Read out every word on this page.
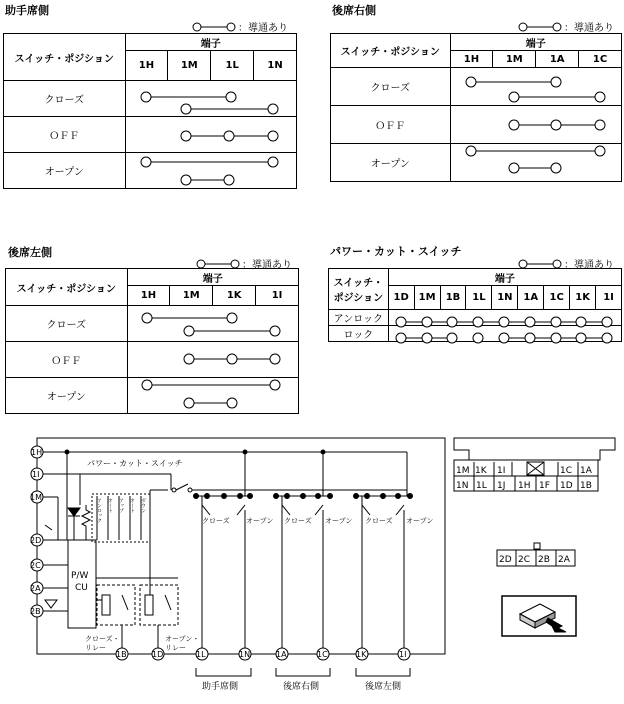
助手席側
：導通あり
後席右側
：導通あり
後席左側
：導通あり
パワー・カット・スイッチ
：導通あり
スイッチ・ポジション	端子			
	1H	1M	1L	1N
クローズ				
ＯＦＦ				
オープン				
スイッチ・ポジション	端子			
	1H	1M	1A	1C
クローズ				
ＯＦＦ				
オープン				
スイッチ・ポジション	端子			
	1H	1M	1K	1I
クローズ				
ＯＦＦ				
オープン				
スイッチ・
ポジション	端子								
	1D	1M	1B	1L	1N	1A	1C	1K	1I
アンロック									
ロック									
1H
1I
1M
2D
2C
2A
2B
1B	1D	1L	1N	1A	1C	1K	1I
パワー・カット・スイッチ
クローズ オープン クローズ オープン クローズ オープン
助手席側	後席右側	後席左側
P/W
CU
クローズ・
リレー
オープン・
リレー
アンロック オート アップ オート ダウン
1M 1K 1I	1C 1A
1N 1L 1J 1H 1F 1D 1B
2D 2C 2B 2A
